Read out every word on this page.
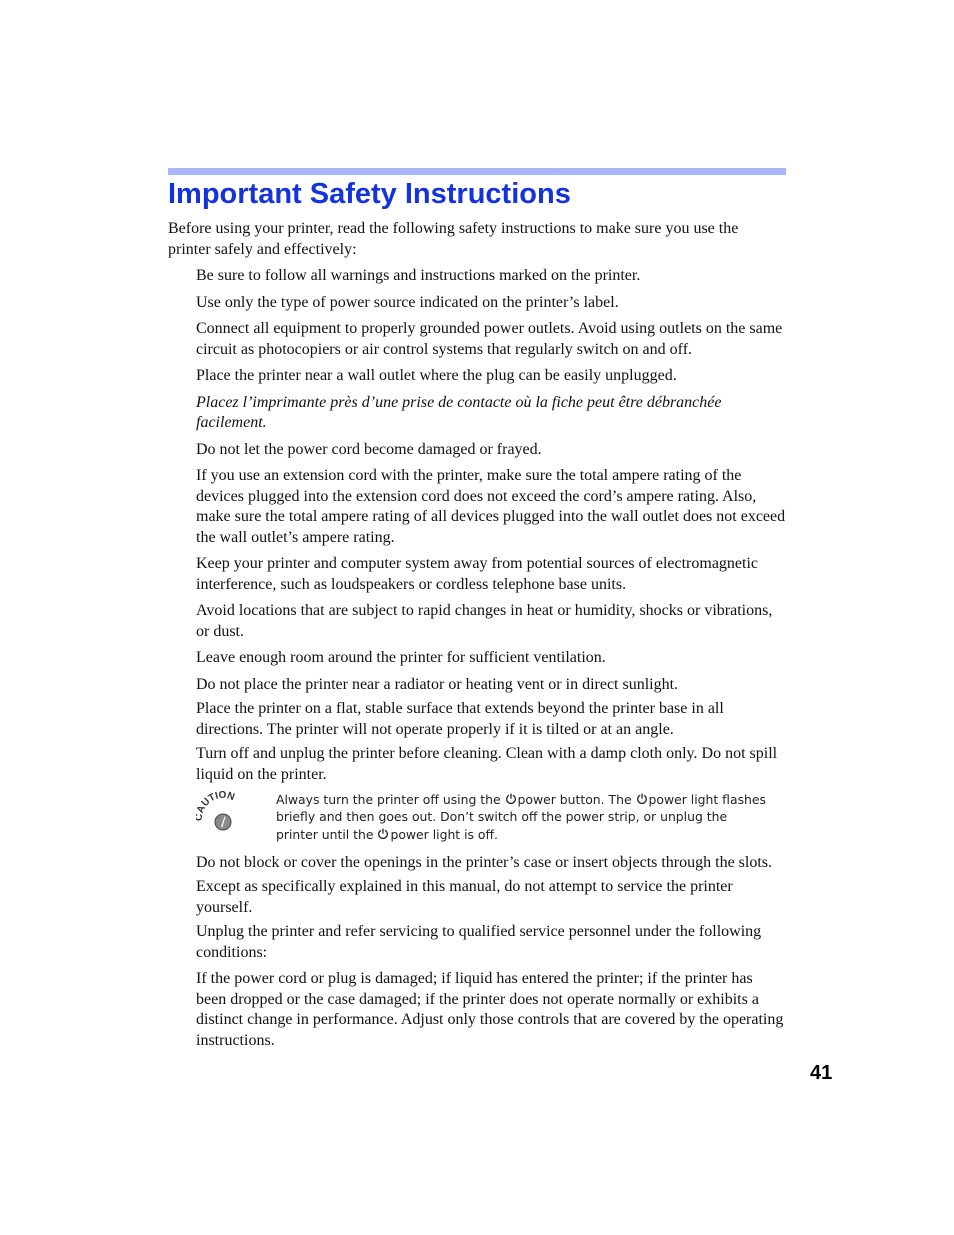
Important Safety Instructions

Before using your printer, read the following safety instructions to make sure you use the printer safely and effectively:

Be sure to follow all warnings and instructions marked on the printer.

Use only the type of power source indicated on the printer’s label.

Connect all equipment to properly grounded power outlets. Avoid using outlets on the same circuit as photocopiers or air control systems that regularly switch on and off.

Place the printer near a wall outlet where the plug can be easily unplugged.

Placez l’imprimante près d’une prise de contacte où la fiche peut être débranchée facilement.

Do not let the power cord become damaged or frayed.

If you use an extension cord with the printer, make sure the total ampere rating of the devices plugged into the extension cord does not exceed the cord’s ampere rating. Also, make sure the total ampere rating of all devices plugged into the wall outlet does not exceed the wall outlet’s ampere rating.

Keep your printer and computer system away from potential sources of electromagnetic interference, such as loudspeakers or cordless telephone base units.

Avoid locations that are subject to rapid changes in heat or humidity, shocks or vibrations, or dust.

Leave enough room around the printer for sufficient ventilation.

Do not place the printer near a radiator or heating vent or in direct sunlight.

Place the printer on a flat, stable surface that extends beyond the printer base in all directions. The printer will not operate properly if it is tilted or at an angle.

Turn off and unplug the printer before cleaning. Clean with a damp cloth only. Do not spill liquid on the printer.

AUTION	Always turn the printer off using the power button. The power light flashes briefly and then goes out. Don’t switch off the power strip, or unplug the printer until the power light is off.

Do not block or cover the openings in the printer’s case or insert objects through the slots.

Except as specifically explained in this manual, do not attempt to service the printer yourself.

Unplug the printer and refer servicing to qualified service personnel under the following conditions:

If the power cord or plug is damaged; if liquid has entered the printer; if the printer has been dropped or the case damaged; if the printer does not operate normally or exhibits a distinct change in performance. Adjust only those controls that are covered by the operating instructions.

41
